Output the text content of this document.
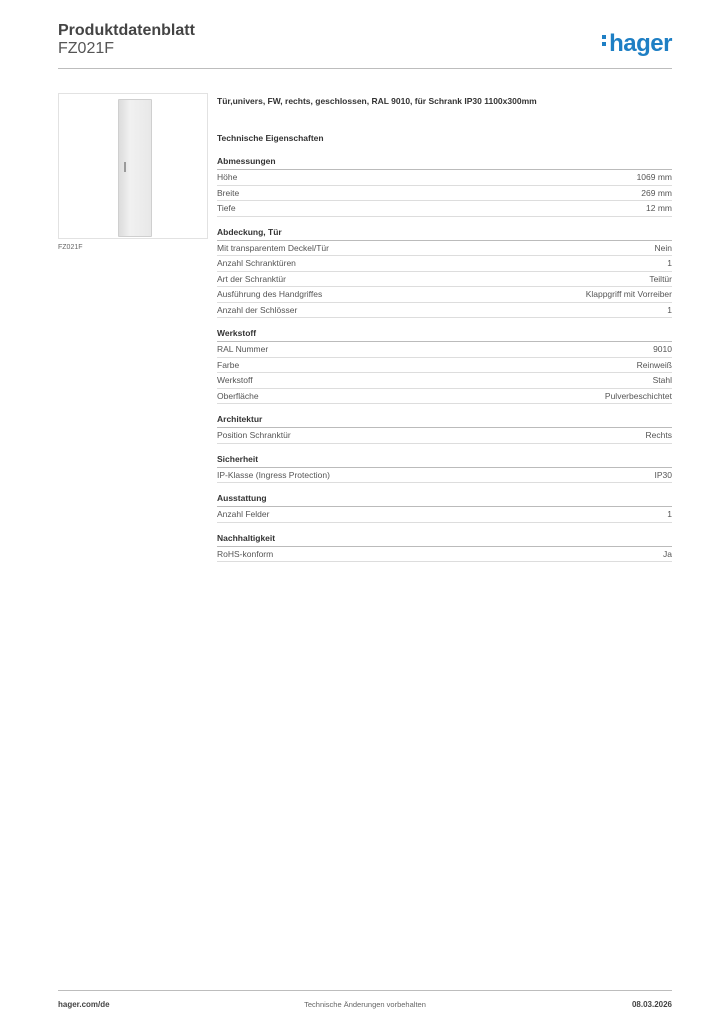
Produktdatenblatt
FZ021F	hager
FZ021F
Tür,univers, FW, rechts, geschlossen, RAL 9010, für Schrank IP30 1100x300mm
Technische Eigenschaften
Abmessungen
Höhe	1069 mm
Breite	269 mm
Tiefe	12 mm
Abdeckung, Tür
Mit transparentem Deckel/Tür	Nein
Anzahl Schranktüren	1
Art der Schranktür	Teiltür
Ausführung des Handgriffes	Klappgriff mit Vorreiber
Anzahl der Schlösser	1
Werkstoff
RAL Nummer	9010
Farbe	Reinweiß
Werkstoff	Stahl
Oberfläche	Pulverbeschichtet
Architektur
Position Schranktür	Rechts
Sicherheit
IP-Klasse (Ingress Protection)	IP30
Ausstattung
Anzahl Felder	1
Nachhaltigkeit
RoHS-konform	Ja
hager.com/de	Technische Änderungen vorbehalten	08.03.2026
